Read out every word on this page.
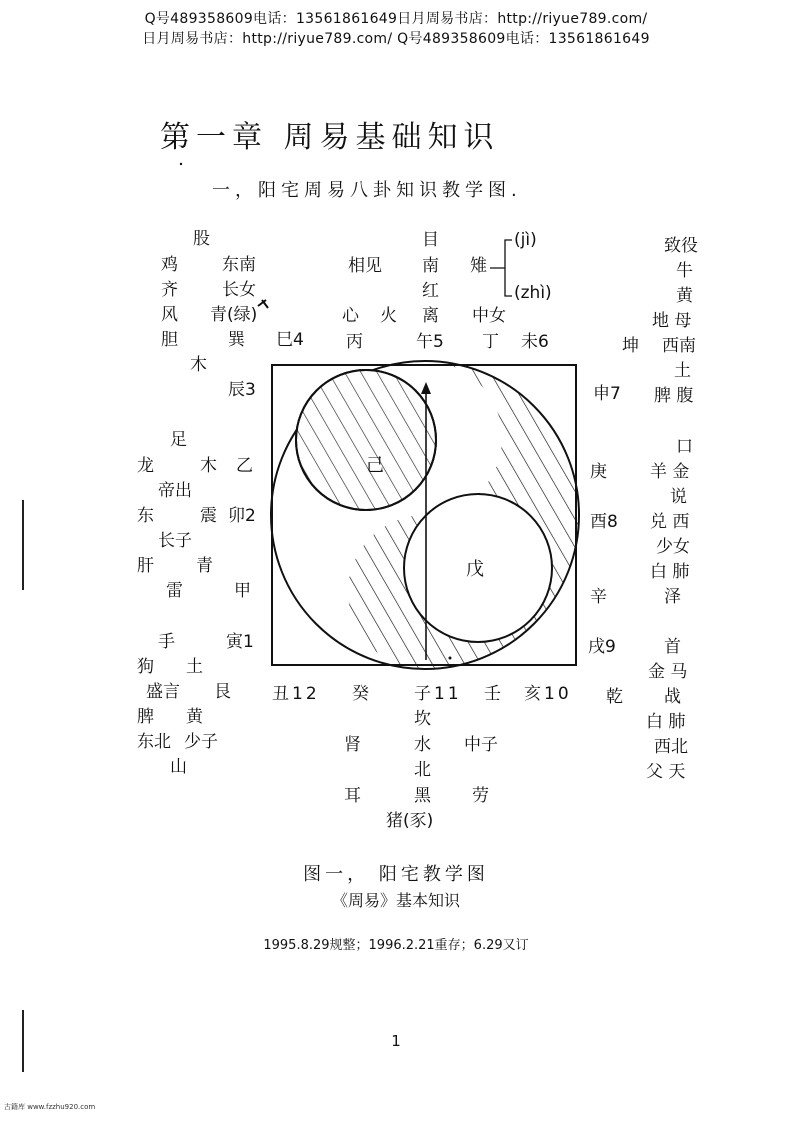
Q号489358609电话：13561861649日月周易书店：http://riyue789.com/
日月周易书店：http://riyue789.com/ Q号489358609电话：13561861649
第一章 周易基础知识
一，阳宅周易八卦知识教学图.
股
鸡	东南
齐	长女
风 青(绿)
胆	巽 巳4
木
辰3
相见
心 火
丙
目
南
红
离
午5
雉
(jì)
(zhì)
中女
丁 未6
致役
牛
黄
地 母
坤 西南
土
申7 脾 腹
足
龙	木 乙
帝出
东	震 卯2
长子
肝 青
雷	甲
口
庚	羊 金
说
酉8 兑 西
少女
白 肺
辛	泽
手	寅1
狗 土
盛言 艮
脾 黄
东北 少子
山
戌9	首
金 马
乾 战
白 肺
西北
父 天
丑12 癸	子11 壬 亥10
坎
肾	水 中子
北
耳	黑 劳
猪(豕)
己
戊
图一， 阳宅教学图
《周易》基本知识
1995.8.29规整；1996.2.21重存；6.29又订
1
古籍库 www.fzzhu920.com
